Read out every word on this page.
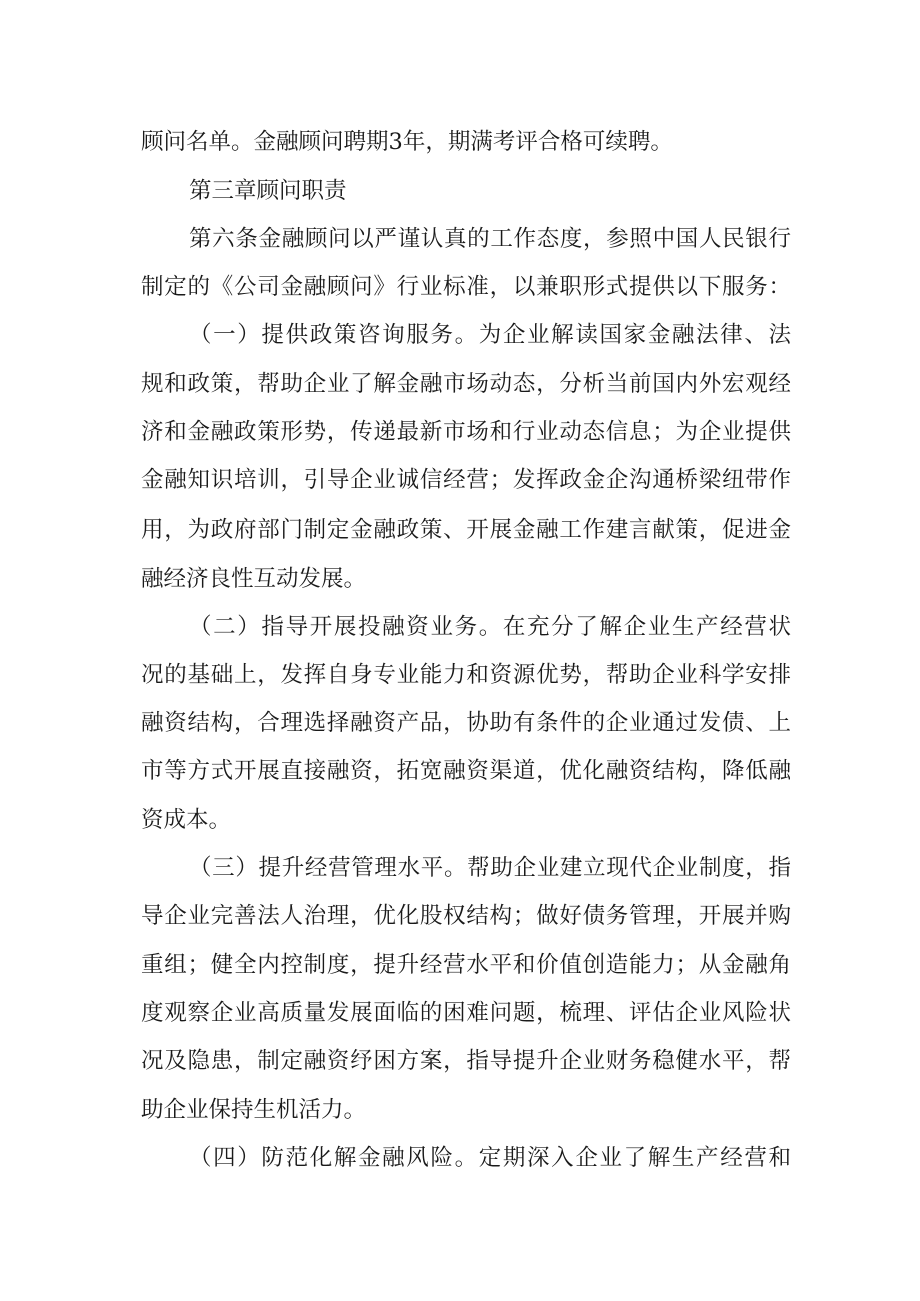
顾问名单。金融顾问聘期3年，期满考评合格可续聘。
第三章顾问职责
第六条金融顾问以严谨认真的工作态度，参照中国人民银行
制定的《公司金融顾问》行业标准，以兼职形式提供以下服务：
（一）提供政策咨询服务。为企业解读国家金融法律、法
规和政策，帮助企业了解金融市场动态，分析当前国内外宏观经
济和金融政策形势，传递最新市场和行业动态信息；为企业提供
金融知识培训，引导企业诚信经营；发挥政金企沟通桥梁纽带作
用，为政府部门制定金融政策、开展金融工作建言献策，促进金
融经济良性互动发展。
（二）指导开展投融资业务。在充分了解企业生产经营状
况的基础上，发挥自身专业能力和资源优势，帮助企业科学安排
融资结构，合理选择融资产品，协助有条件的企业通过发债、上
市等方式开展直接融资，拓宽融资渠道，优化融资结构，降低融
资成本。
（三）提升经营管理水平。帮助企业建立现代企业制度，指
导企业完善法人治理，优化股权结构；做好债务管理，开展并购
重组；健全内控制度，提升经营水平和价值创造能力；从金融角
度观察企业高质量发展面临的困难问题，梳理、评估企业风险状
况及隐患，制定融资纾困方案，指导提升企业财务稳健水平，帮
助企业保持生机活力。
（四）防范化解金融风险。定期深入企业了解生产经营和
